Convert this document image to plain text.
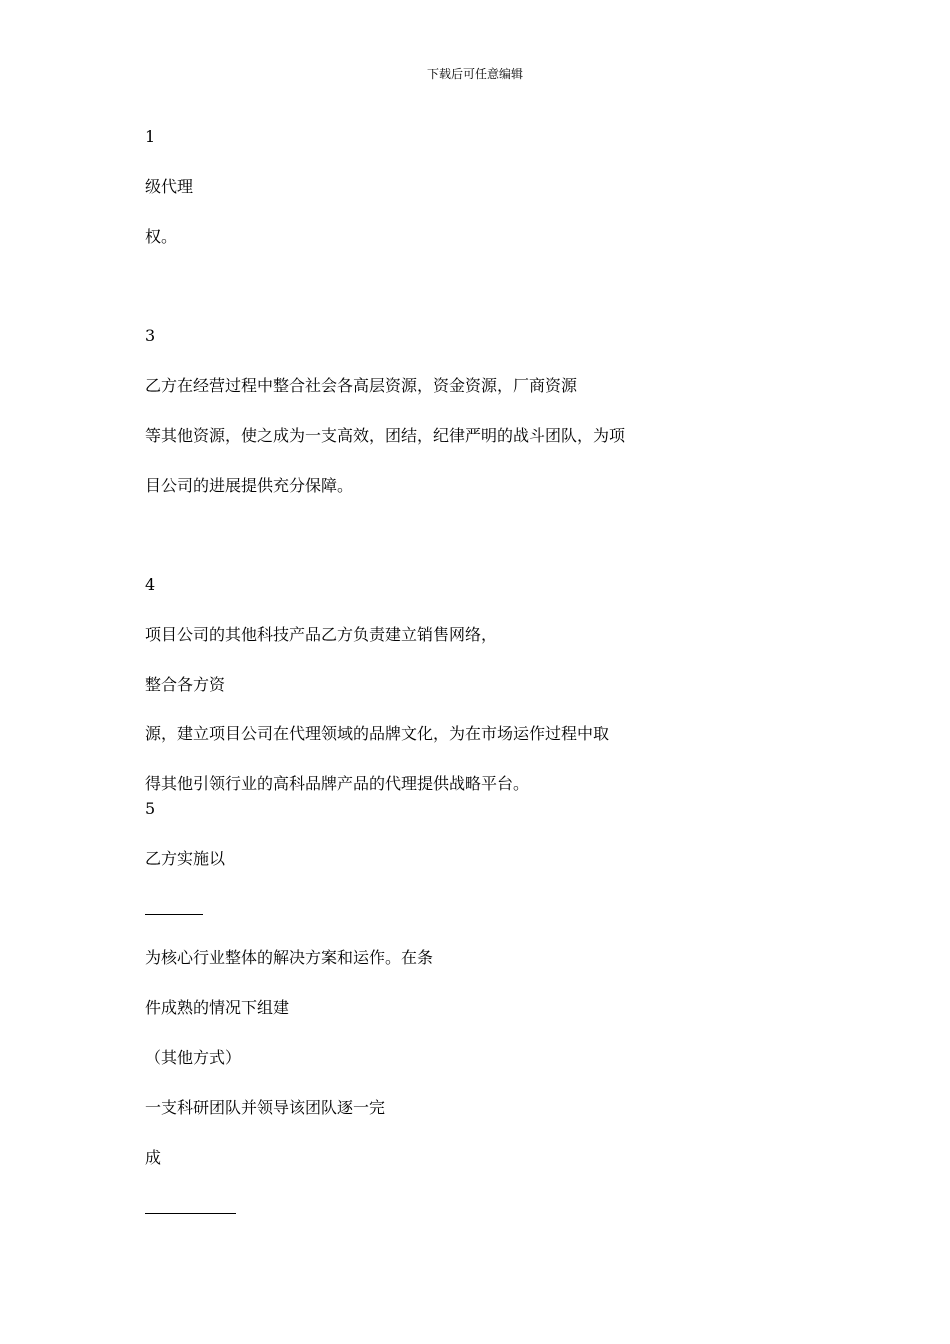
下载后可任意编辑
1
级代理
权。
3
乙方在经营过程中整合社会各高层资源，资金资源，厂商资源
等其他资源，使之成为一支高效，团结，纪律严明的战斗团队，为项
目公司的进展提供充分保障。
4
项目公司的其他科技产品乙方负责建立销售网络，
整合各方资
源，建立项目公司在代理领域的品牌文化，为在市场运作过程中取
得其他引领行业的高科品牌产品的代理提供战略平台。
5
乙方实施以
为核心行业整体的解决方案和运作。在条
件成熟的情况下组建
（其他方式）
一支科研团队并领导该团队逐一完
成
